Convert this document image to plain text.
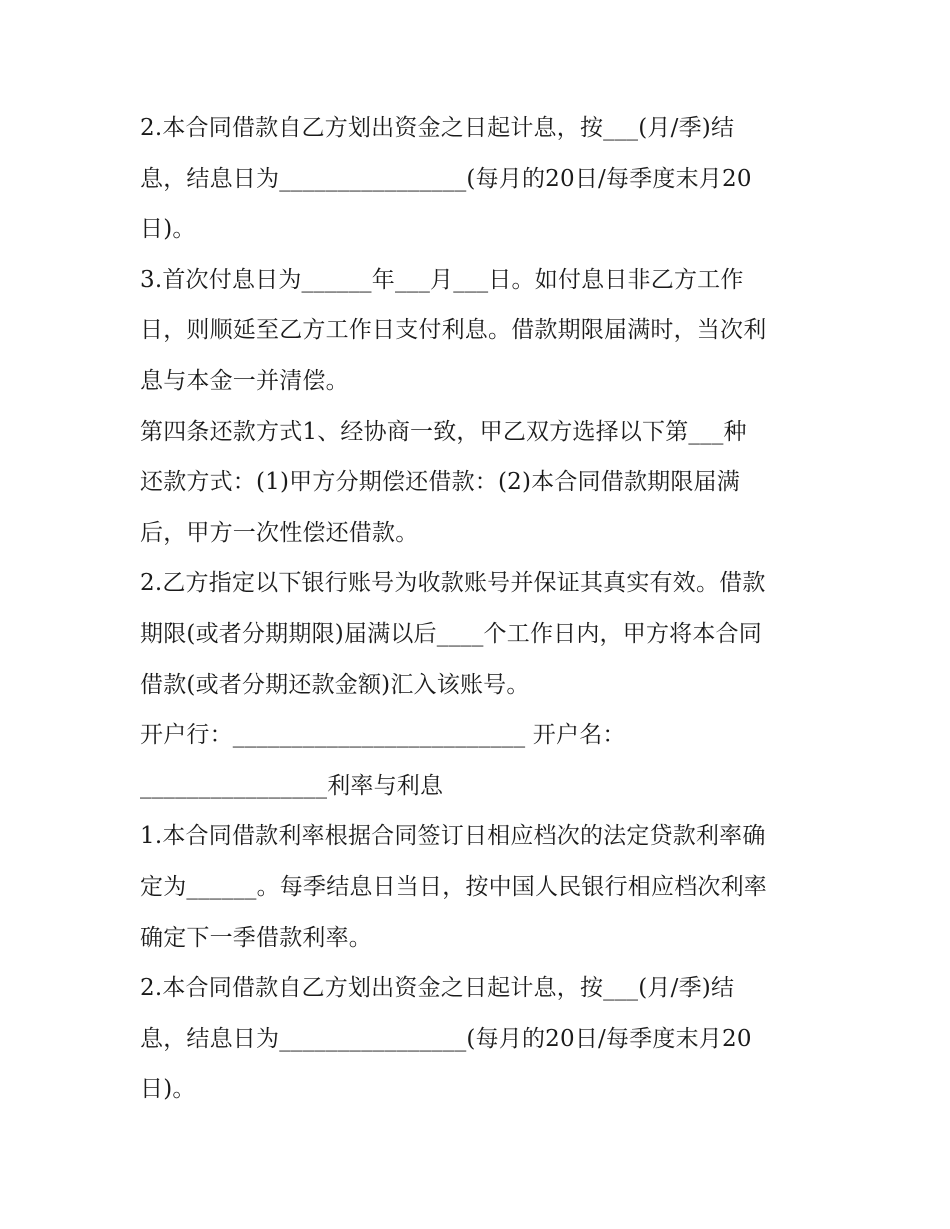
2.本合同借款自乙方划出资金之日起计息，按___(月/季)结
息，结息日为________________(每月的20日/每季度末月20
日)。
3.首次付息日为______年___月___日。如付息日非乙方工作
日，则顺延至乙方工作日支付利息。借款期限届满时，当次利
息与本金一并清偿。
第四条还款方式1、经协商一致，甲乙双方选择以下第___种
还款方式：(1)甲方分期偿还借款：(2)本合同借款期限届满
后，甲方一次性偿还借款。
2.乙方指定以下银行账号为收款账号并保证其真实有效。借款
期限(或者分期期限)届满以后____个工作日内，甲方将本合同
借款(或者分期还款金额)汇入该账号。
开户行：_________________________ 开户名：
________________利率与利息
1.本合同借款利率根据合同签订日相应档次的法定贷款利率确
定为______。每季结息日当日，按中国人民银行相应档次利率
确定下一季借款利率。
2.本合同借款自乙方划出资金之日起计息，按___(月/季)结
息，结息日为________________(每月的20日/每季度末月20
日)。
